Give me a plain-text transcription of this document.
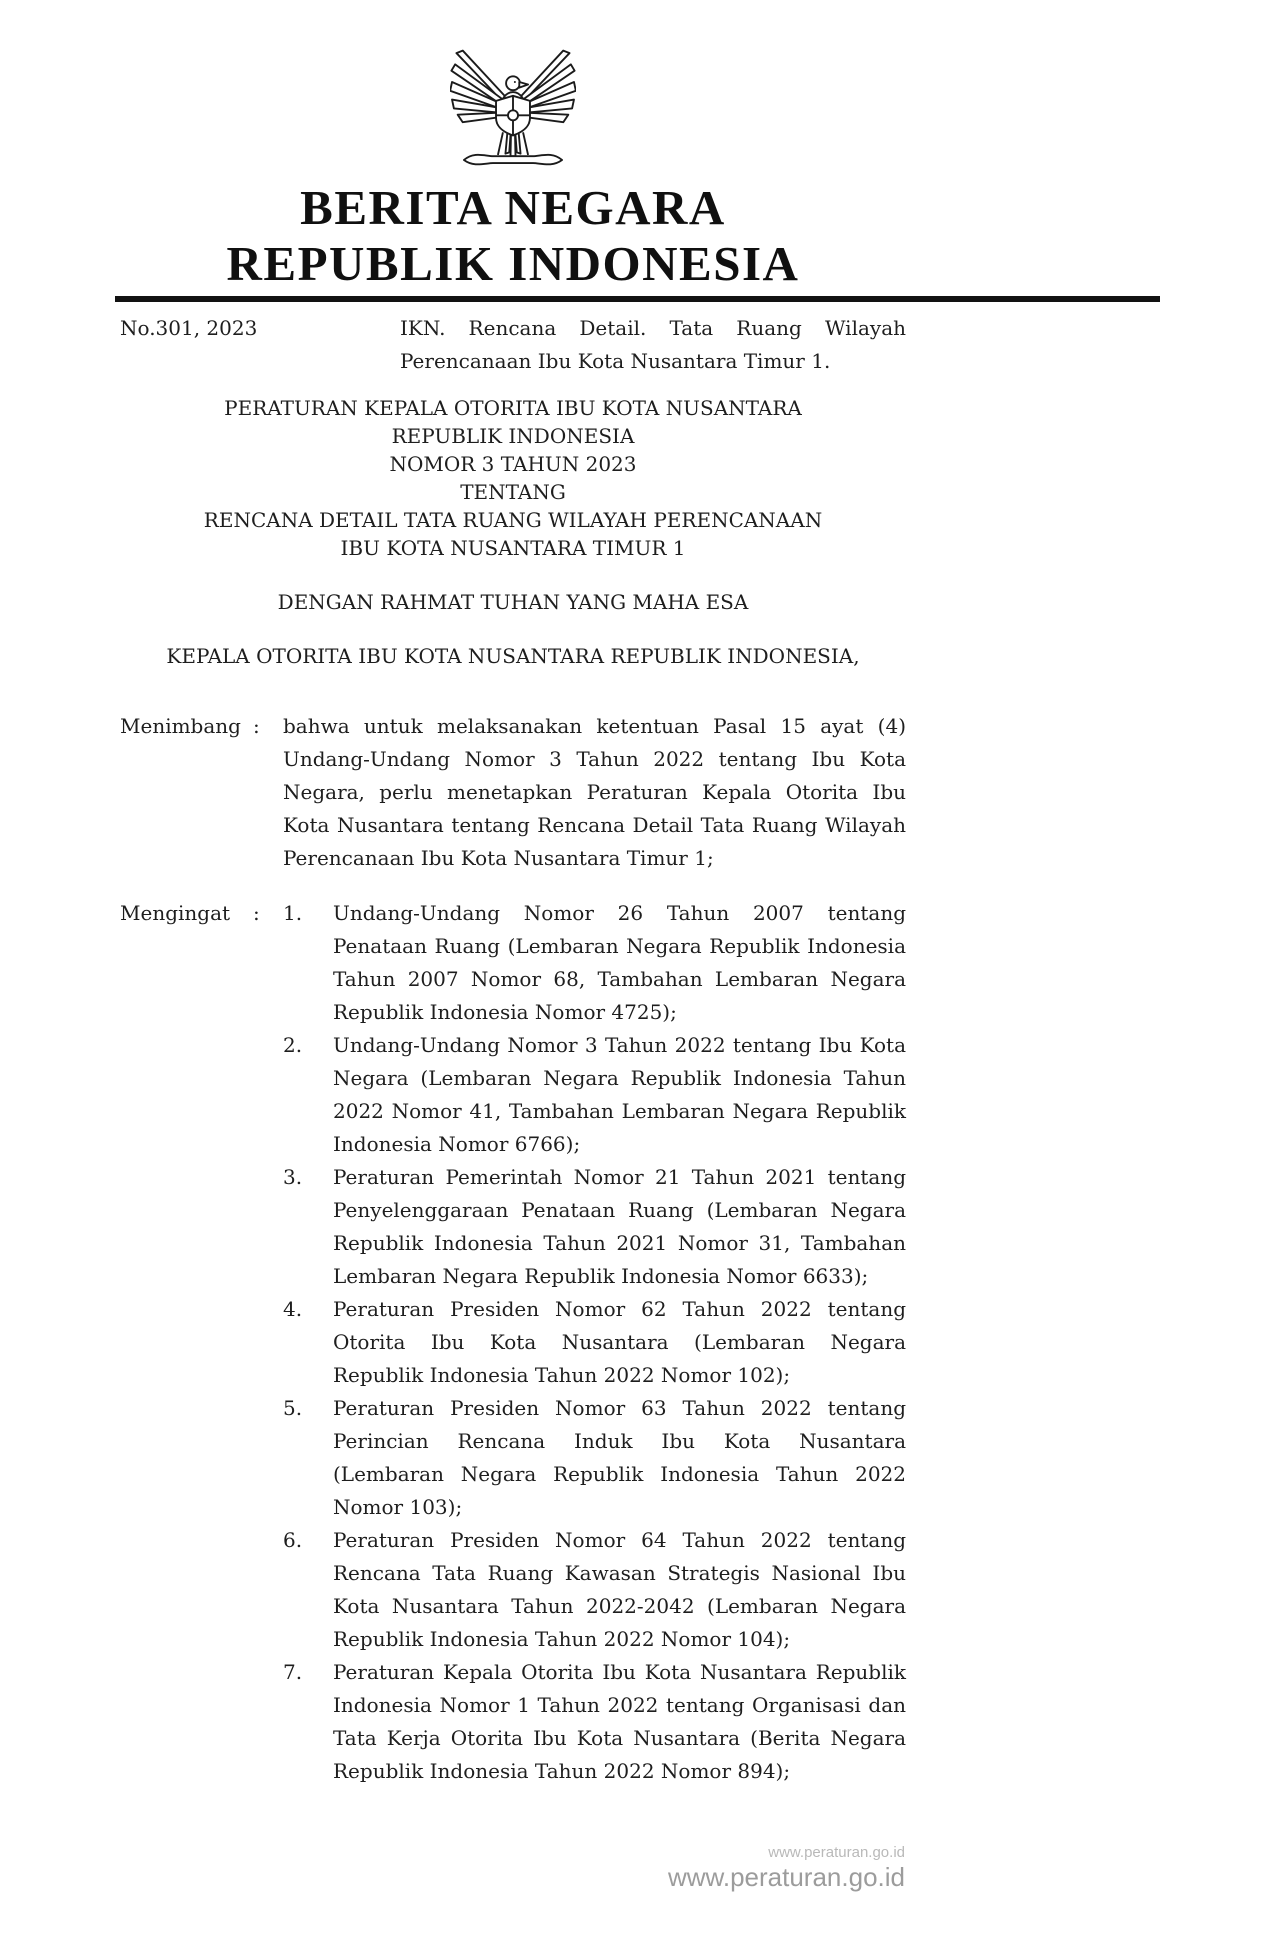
BERITA NEGARA
REPUBLIK INDONESIA
No.301, 2023	IKN. Rencana Detail. Tata Ruang Wilayah Perencanaan Ibu Kota Nusantara Timur 1.
PERATURAN KEPALA OTORITA IBU KOTA NUSANTARA
REPUBLIK INDONESIA
NOMOR 3 TAHUN 2023
TENTANG
RENCANA DETAIL TATA RUANG WILAYAH PERENCANAAN
IBU KOTA NUSANTARA TIMUR 1
DENGAN RAHMAT TUHAN YANG MAHA ESA
KEPALA OTORITA IBU KOTA NUSANTARA REPUBLIK INDONESIA,
Menimbang :	bahwa untuk melaksanakan ketentuan Pasal 15 ayat (4) Undang-Undang Nomor 3 Tahun 2022 tentang Ibu Kota Negara, perlu menetapkan Peraturan Kepala Otorita Ibu Kota Nusantara tentang Rencana Detail Tata Ruang Wilayah Perencanaan Ibu Kota Nusantara Timur 1;
Mengingat	:	1.	Undang-Undang Nomor 26 Tahun 2007 tentang Penataan Ruang (Lembaran Negara Republik Indonesia Tahun 2007 Nomor 68, Tambahan Lembaran Negara Republik Indonesia Nomor 4725);
2.	Undang-Undang Nomor 3 Tahun 2022 tentang Ibu Kota Negara (Lembaran Negara Republik Indonesia Tahun 2022 Nomor 41, Tambahan Lembaran Negara Republik Indonesia Nomor 6766);
3.	Peraturan Pemerintah Nomor 21 Tahun 2021 tentang Penyelenggaraan Penataan Ruang (Lembaran Negara Republik Indonesia Tahun 2021 Nomor 31, Tambahan Lembaran Negara Republik Indonesia Nomor 6633);
4.	Peraturan Presiden Nomor 62 Tahun 2022 tentang Otorita Ibu Kota Nusantara (Lembaran Negara Republik Indonesia Tahun 2022 Nomor 102);
5.	Peraturan Presiden Nomor 63 Tahun 2022 tentang Perincian Rencana Induk Ibu Kota Nusantara (Lembaran Negara Republik Indonesia Tahun 2022 Nomor 103);
6.	Peraturan Presiden Nomor 64 Tahun 2022 tentang Rencana Tata Ruang Kawasan Strategis Nasional Ibu Kota Nusantara Tahun 2022-2042 (Lembaran Negara Republik Indonesia Tahun 2022 Nomor 104);
7.	Peraturan Kepala Otorita Ibu Kota Nusantara Republik Indonesia Nomor 1 Tahun 2022 tentang Organisasi dan Tata Kerja Otorita Ibu Kota Nusantara (Berita Negara Republik Indonesia Tahun 2022 Nomor 894);
www.peraturan.go.id
www.peraturan.go.id
